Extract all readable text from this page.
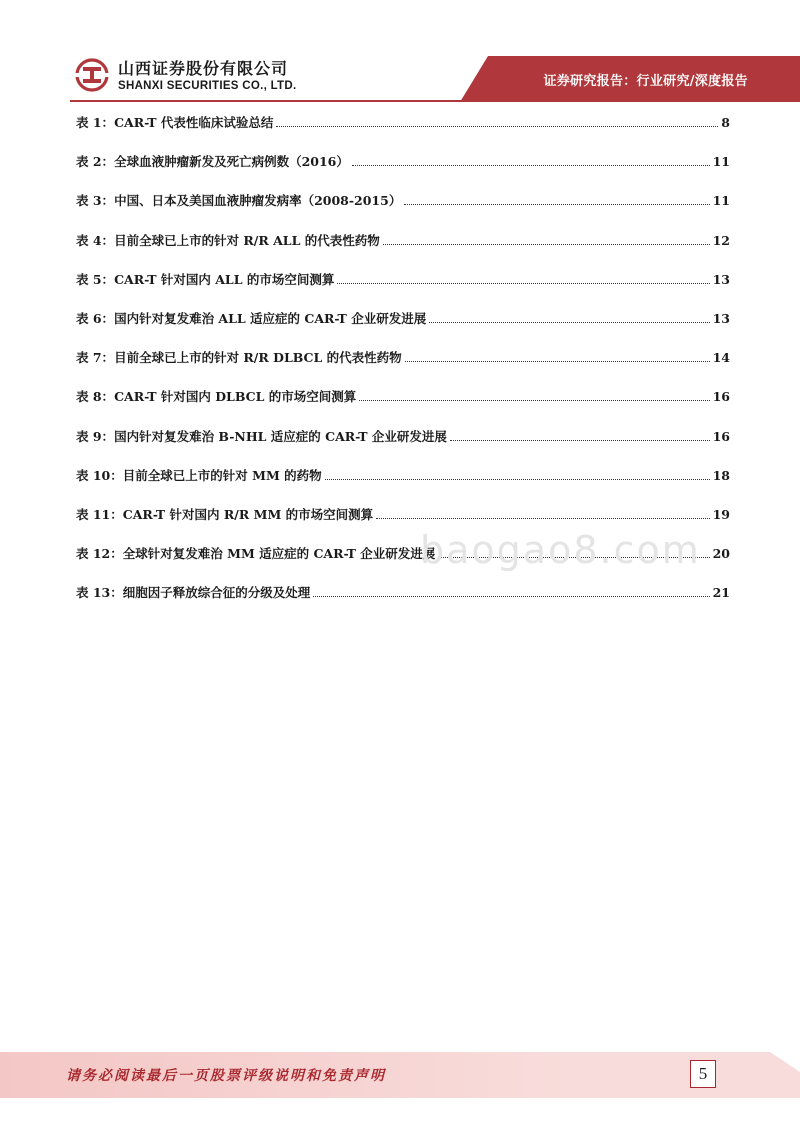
山西证券股份有限公司
SHANXI SECURITIES CO., LTD.	证券研究报告：行业研究/深度报告
表 1： CAR-T 代表性临床试验总结	8
表 2： 全球血液肿瘤新发及死亡病例数（2016）	11
表 3： 中国、日本及美国血液肿瘤发病率（2008-2015）	11
表 4： 目前全球已上市的针对 R/R ALL 的代表性药物	12
表 5： CAR-T 针对国内 ALL 的市场空间测算	13
表 6： 国内针对复发难治 ALL 适应症的 CAR-T 企业研发进展	13
表 7： 目前全球已上市的针对 R/R DLBCL 的代表性药物	14
表 8： CAR-T 针对国内 DLBCL 的市场空间测算	16
表 9： 国内针对复发难治 B-NHL 适应症的 CAR-T 企业研发进展	16
表 10： 目前全球已上市的针对 MM 的药物	18
表 11： CAR-T 针对国内 R/R MM 的市场空间测算	19
表 12： 全球针对复发难治 MM 适应症的 CAR-T 企业研发进展	20
表 13： 细胞因子释放综合征的分级及处理	21
baogao8.com
请务必阅读最后一页股票评级说明和免责声明	5
